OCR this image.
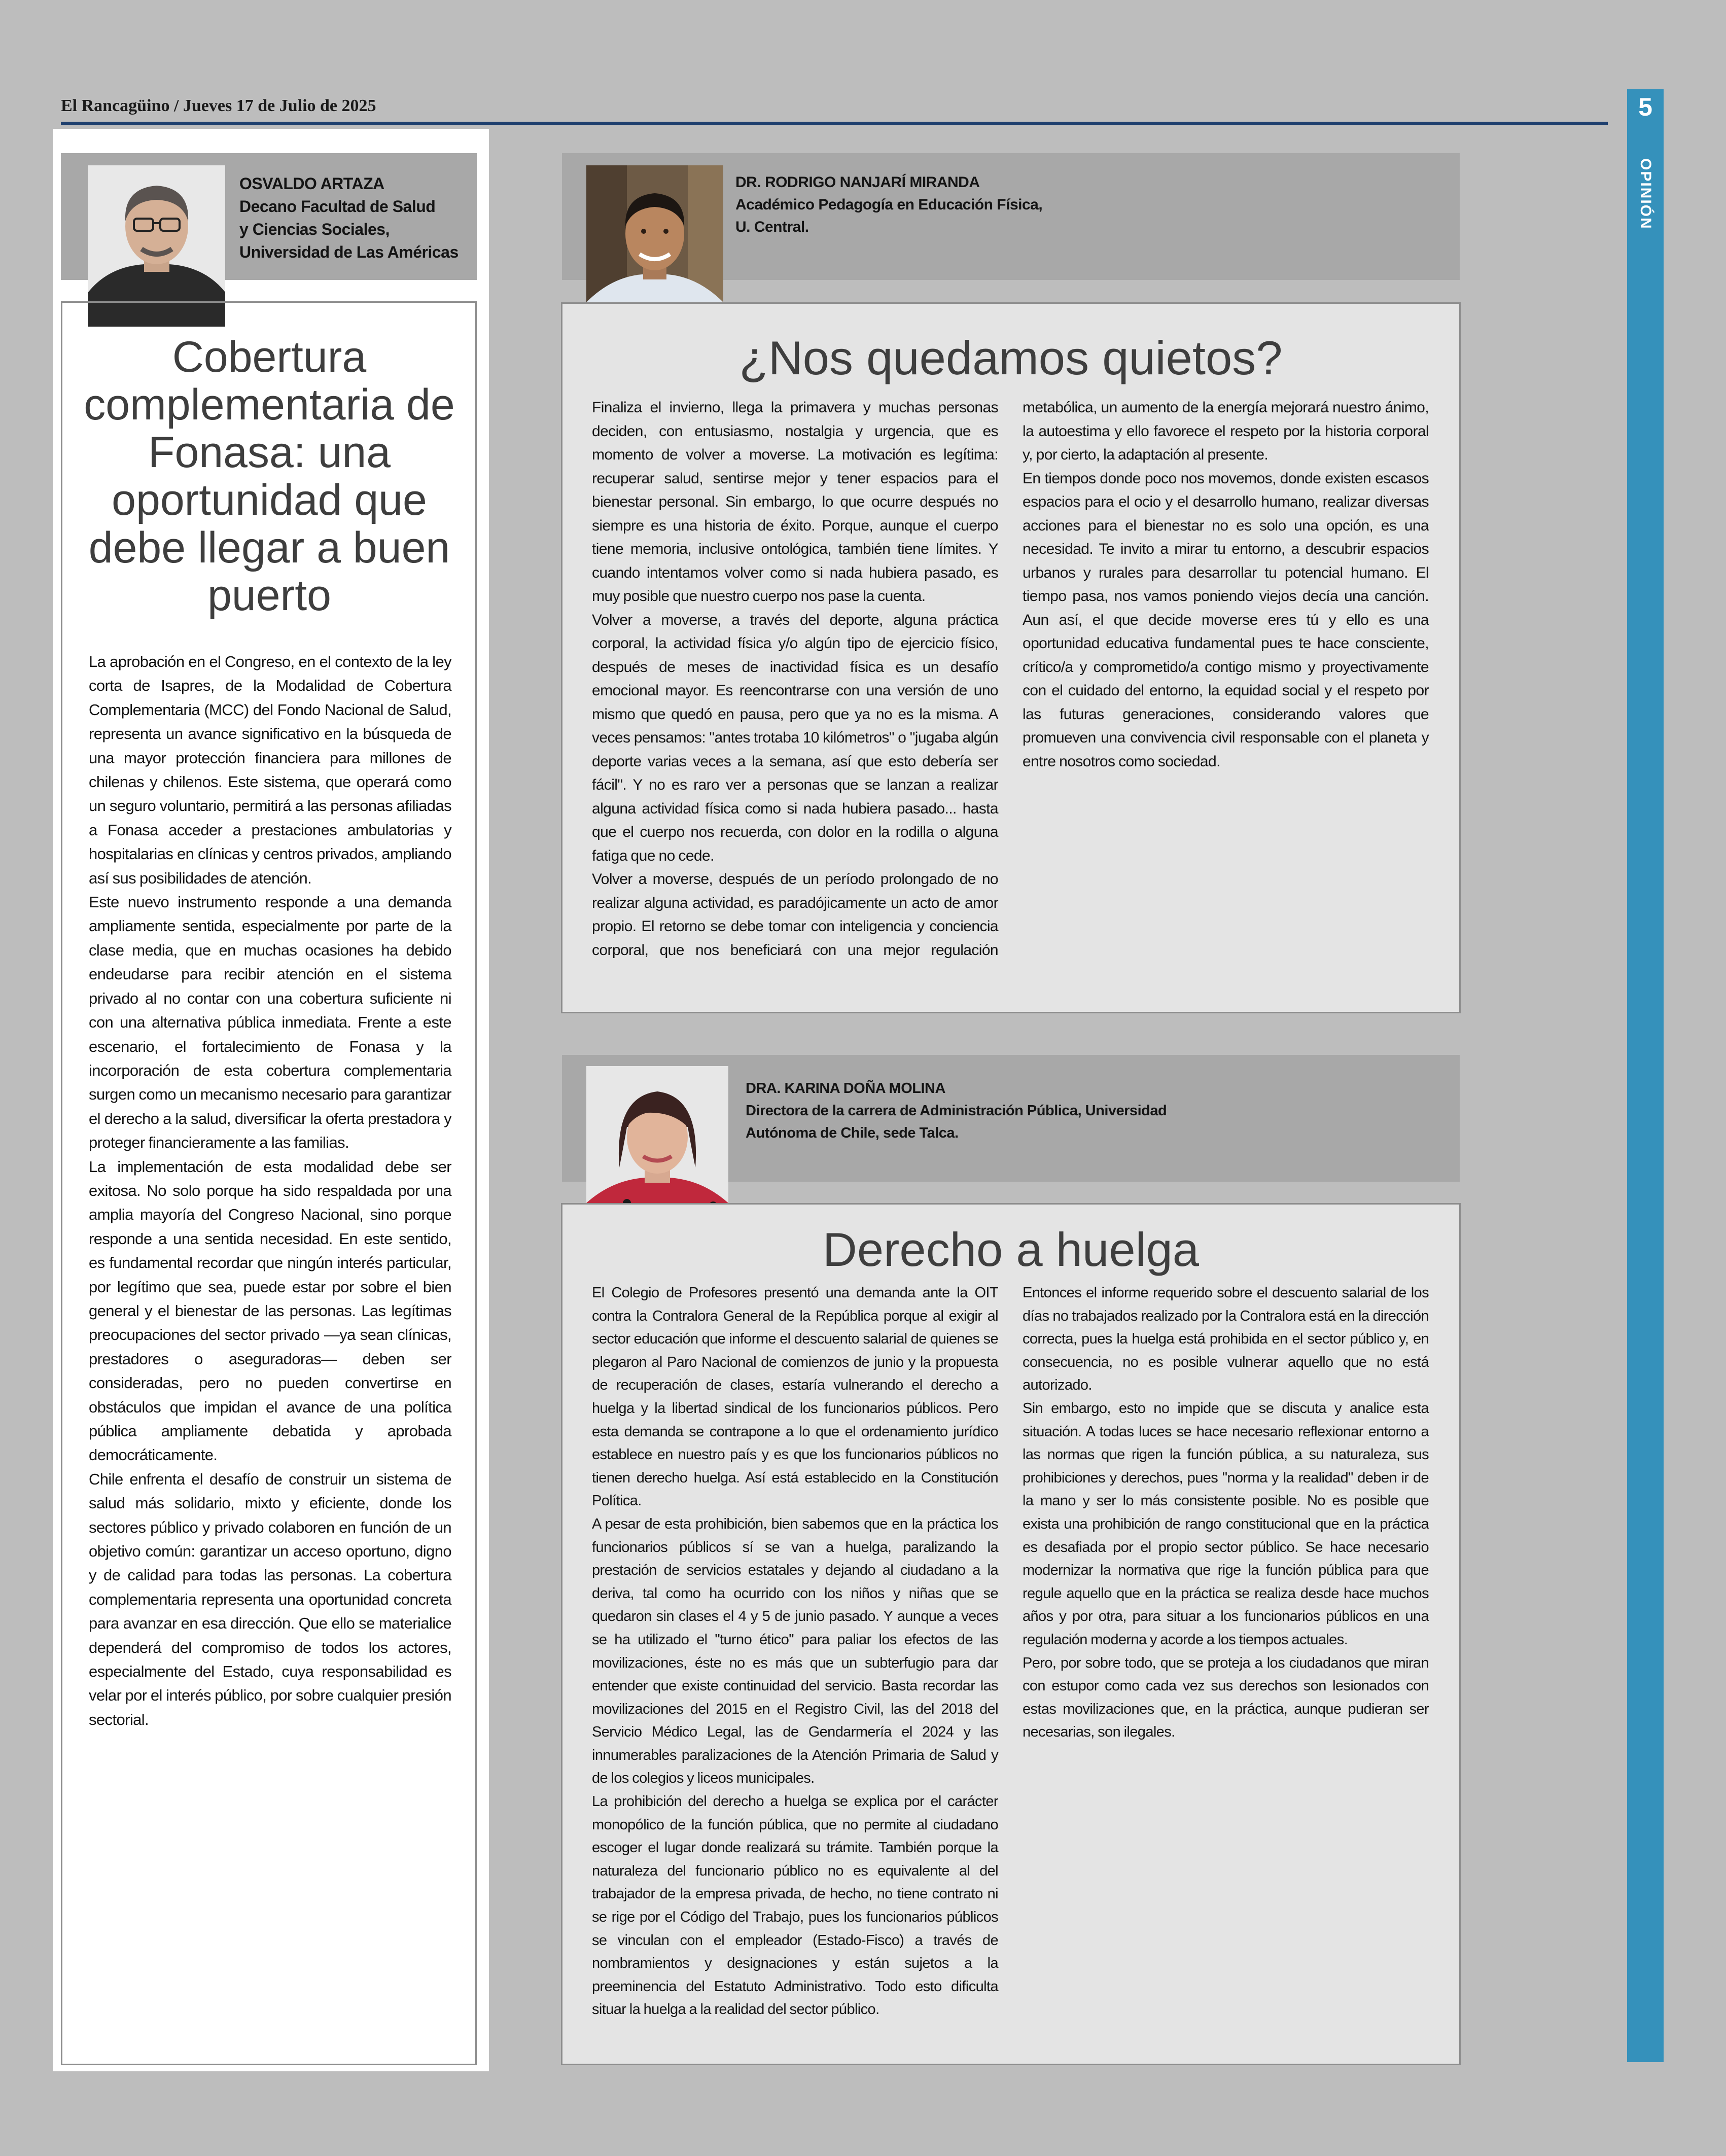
El Rancagüino / Jueves 17 de Julio de 2025	5
OPINIÓN
OSVALDO ARTAZA
Decano Facultad de Salud
y Ciencias Sociales,
Universidad de Las Américas
Cobertura complementaria de Fonasa: una oportunidad que debe llegar a buen puerto

La aprobación en el Congreso, en el contexto de la ley corta de Isapres, de la Modalidad de Cobertura Complementaria (MCC) del Fondo Nacional de Salud, representa un avance significativo en la búsqueda de una mayor protección financiera para millones de chilenas y chilenos. Este sistema, que operará como un seguro voluntario, permitirá a las personas afiliadas a Fonasa acceder a prestaciones ambulatorias y hospitalarias en clínicas y centros privados, ampliando así sus posibilidades de atención.

Este nuevo instrumento responde a una demanda ampliamente sentida, especialmente por parte de la clase media, que en muchas ocasiones ha debido endeudarse para recibir atención en el sistema privado al no contar con una cobertura suficiente ni con una alternativa pública inmediata. Frente a este escenario, el fortalecimiento de Fonasa y la incorporación de esta cobertura complementaria surgen como un mecanismo necesario para garantizar el derecho a la salud, diversificar la oferta prestadora y proteger financieramente a las familias.

La implementación de esta modalidad debe ser exitosa. No solo porque ha sido respaldada por una amplia mayoría del Congreso Nacional, sino porque responde a una sentida necesidad. En este sentido, es fundamental recordar que ningún interés particular, por legítimo que sea, puede estar por sobre el bien general y el bienestar de las personas. Las legítimas preocupaciones del sector privado —ya sean clínicas, prestadores o aseguradoras— deben ser consideradas, pero no pueden convertirse en obstáculos que impidan el avance de una política pública ampliamente debatida y aprobada democráticamente.

Chile enfrenta el desafío de construir un sistema de salud más solidario, mixto y eficiente, donde los sectores público y privado colaboren en función de un objetivo común: garantizar un acceso oportuno, digno y de calidad para todas las personas. La cobertura complementaria representa una oportunidad concreta para avanzar en esa dirección. Que ello se materialice dependerá del compromiso de todos los actores, especialmente del Estado, cuya responsabilidad es velar por el interés público, por sobre cualquier presión sectorial.

DR. RODRIGO NANJARÍ MIRANDA
Académico Pedagogía en Educación Física,
U. Central.
¿Nos quedamos quietos?

Finaliza el invierno, llega la primavera y muchas personas deciden, con entusiasmo, nostalgia y urgencia, que es momento de volver a moverse. La motivación es legítima: recuperar salud, sentirse mejor y tener espacios para el bienestar personal. Sin embargo, lo que ocurre después no siempre es una historia de éxito. Porque, aunque el cuerpo tiene memoria, inclusive ontológica, también tiene límites. Y cuando intentamos volver como si nada hubiera pasado, es muy posible que nuestro cuerpo nos pase la cuenta.

Volver a moverse, a través del deporte, alguna práctica corporal, la actividad física y/o algún tipo de ejercicio físico, después de meses de inactividad física es un desafío emocional mayor. Es reencontrarse con una versión de uno mismo que quedó en pausa, pero que ya no es la misma. A veces pensamos: "antes trotaba 10 kilómetros" o "jugaba algún deporte varias veces a la semana, así que esto debería ser fácil". Y no es raro ver a personas que se lanzan a realizar alguna actividad física como si nada hubiera pasado... hasta que el cuerpo nos recuerda, con dolor en la rodilla o alguna fatiga que no cede.

Volver a moverse, después de un período prolongado de no realizar alguna actividad, es paradójicamente un acto de amor propio. El retorno se debe tomar con inteligencia y conciencia corporal, que nos beneficiará con una mejor regulación metabólica, un aumento de la energía mejorará nuestro ánimo, la autoestima y ello favorece el respeto por la historia corporal y, por cierto, la adaptación al presente.

En tiempos donde poco nos movemos, donde existen escasos espacios para el ocio y el desarrollo humano, realizar diversas acciones para el bienestar no es solo una opción, es una necesidad. Te invito a mirar tu entorno, a descubrir espacios urbanos y rurales para desarrollar tu potencial humano. El tiempo pasa, nos vamos poniendo viejos decía una canción. Aun así, el que decide moverse eres tú y ello es una oportunidad educativa fundamental pues te hace consciente, crítico/a y comprometido/a contigo mismo y proyectivamente con el cuidado del entorno, la equidad social y el respeto por las futuras generaciones, considerando valores que promueven una convivencia civil responsable con el planeta y entre nosotros como sociedad.

DRA. KARINA DOÑA MOLINA
Directora de la carrera de Administración Pública, Universidad Autónoma de Chile, sede Talca.
Derecho a huelga

El Colegio de Profesores presentó una demanda ante la OIT contra la Contralora General de la República porque al exigir al sector educación que informe el descuento salarial de quienes se plegaron al Paro Nacional de comienzos de junio y la propuesta de recuperación de clases, estaría vulnerando el derecho a huelga y la libertad sindical de los funcionarios públicos. Pero esta demanda se contrapone a lo que el ordenamiento jurídico establece en nuestro país y es que los funcionarios públicos no tienen derecho huelga. Así está establecido en la Constitución Política.

A pesar de esta prohibición, bien sabemos que en la práctica los funcionarios públicos sí se van a huelga, paralizando la prestación de servicios estatales y dejando al ciudadano a la deriva, tal como ha ocurrido con los niños y niñas que se quedaron sin clases el 4 y 5 de junio pasado. Y aunque a veces se ha utilizado el "turno ético" para paliar los efectos de las movilizaciones, éste no es más que un subterfugio para dar entender que existe continuidad del servicio. Basta recordar las movilizaciones del 2015 en el Registro Civil, las del 2018 del Servicio Médico Legal, las de Gendarmería el 2024 y las innumerables paralizaciones de la Atención Primaria de Salud y de los colegios y liceos municipales.

La prohibición del derecho a huelga se explica por el carácter monopólico de la función pública, que no permite al ciudadano escoger el lugar donde realizará su trámite. También porque la naturaleza del funcionario público no es equivalente al del trabajador de la empresa privada, de hecho, no tiene contrato ni se rige por el Código del Trabajo, pues los funcionarios públicos se vinculan con el empleador (Estado-Fisco) a través de nombramientos y designaciones y están sujetos a la preeminencia del Estatuto Administrativo. Todo esto dificulta situar la huelga a la realidad del sector público.

Entonces el informe requerido sobre el descuento salarial de los días no trabajados realizado por la Contralora está en la dirección correcta, pues la huelga está prohibida en el sector público y, en consecuencia, no es posible vulnerar aquello que no está autorizado.

Sin embargo, esto no impide que se discuta y analice esta situación. A todas luces se hace necesario reflexionar entorno a las normas que rigen la función pública, a su naturaleza, sus prohibiciones y derechos, pues "norma y la realidad" deben ir de la mano y ser lo más consistente posible. No es posible que exista una prohibición de rango constitucional que en la práctica es desafiada por el propio sector público. Se hace necesario modernizar la normativa que rige la función pública para que regule aquello que en la práctica se realiza desde hace muchos años y por otra, para situar a los funcionarios públicos en una regulación moderna y acorde a los tiempos actuales.

Pero, por sobre todo, que se proteja a los ciudadanos que miran con estupor como cada vez sus derechos son lesionados con estas movilizaciones que, en la práctica, aunque pudieran ser necesarias, son ilegales.
